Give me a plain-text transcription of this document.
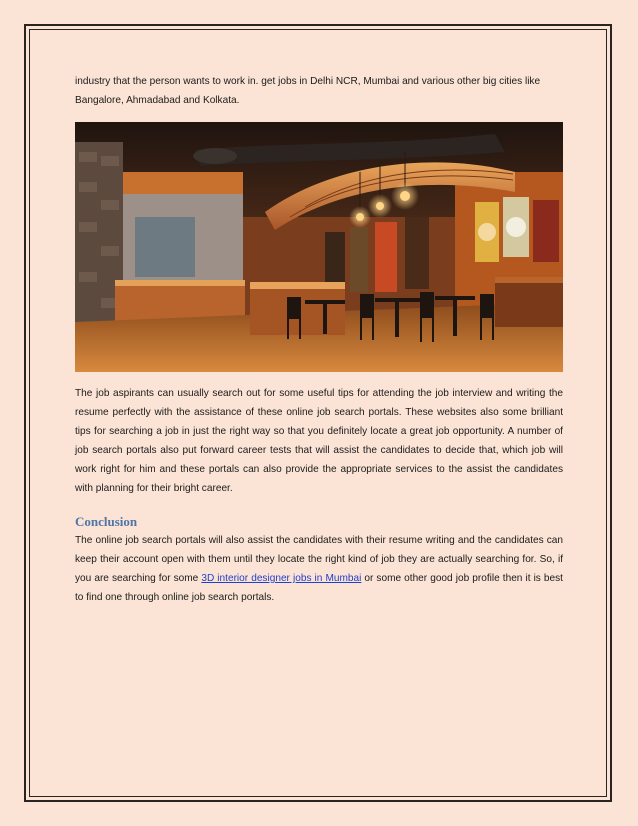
industry that the person wants to work in. get jobs in Delhi NCR, Mumbai and various other big cities like Bangalore, Ahmadabad and Kolkata.

The job aspirants can usually search out for some useful tips for attending the job interview and writing the resume perfectly with the assistance of these online job search portals. These websites also some brilliant tips for searching a job in just the right way so that you definitely locate a great job opportunity. A number of job search portals also put forward career tests that will assist the candidates to decide that, which job will work right for him and these portals can also provide the appropriate services to the assist the candidates with planning for their bright career.

Conclusion

The online job search portals will also assist the candidates with their resume writing and the candidates can keep their account open with them until they locate the right kind of job they are actually searching for. So, if you are searching for some 3D interior designer jobs in Mumbai or some other good job profile then it is best to find one through online job search portals.
